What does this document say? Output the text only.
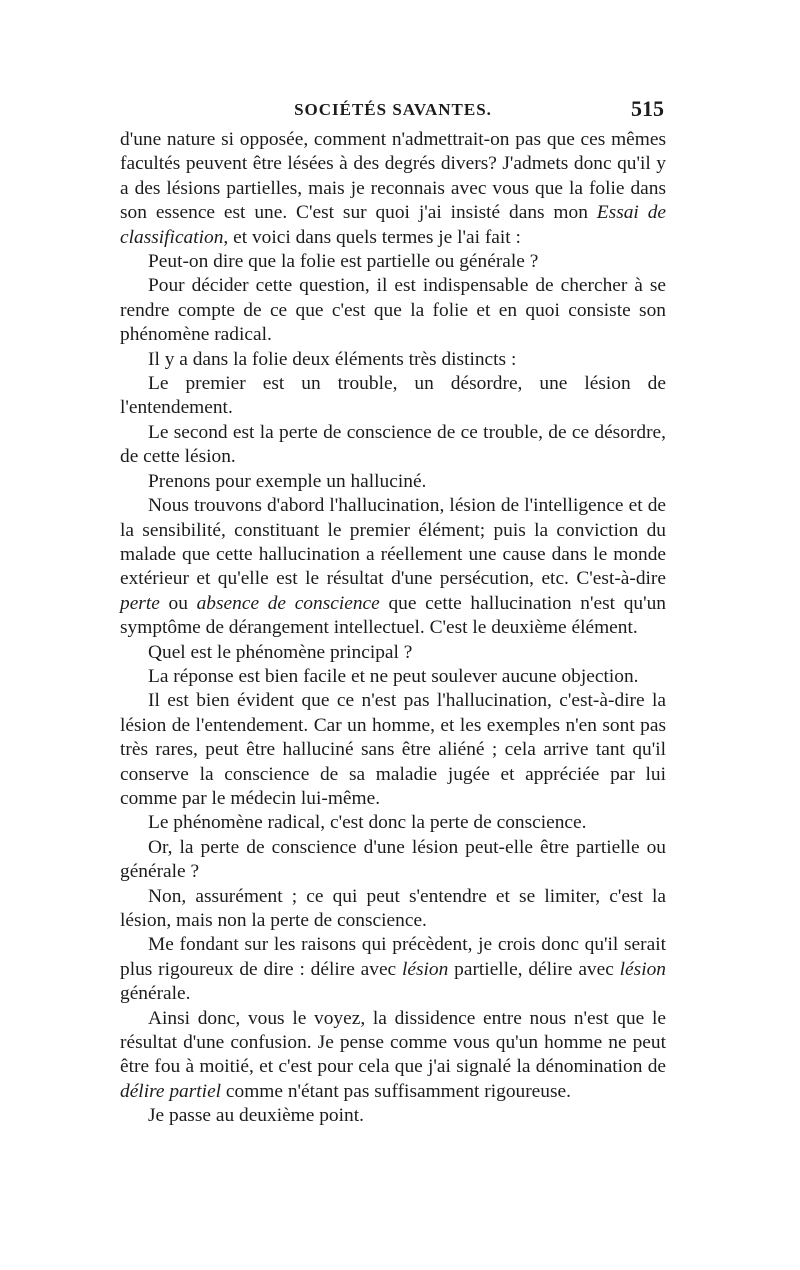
SOCIÉTÉS SAVANTES.	515

d'une nature si opposée, comment n'admettrait-on pas que ces mêmes facultés peuvent être lésées à des degrés divers? J'admets donc qu'il y a des lésions partielles, mais je reconnais avec vous que la folie dans son essence est une. C'est sur quoi j'ai insisté dans mon Essai de classification, et voici dans quels termes je l'ai fait :

Peut-on dire que la folie est partielle ou générale ?

Pour décider cette question, il est indispensable de chercher à se rendre compte de ce que c'est que la folie et en quoi consiste son phénomène radical.

Il y a dans la folie deux éléments très distincts :

Le premier est un trouble, un désordre, une lésion de l'entendement.

Le second est la perte de conscience de ce trouble, de ce désordre, de cette lésion.

Prenons pour exemple un halluciné.

Nous trouvons d'abord l'hallucination, lésion de l'intelligence et de la sensibilité, constituant le premier élément; puis la conviction du malade que cette hallucination a réellement une cause dans le monde extérieur et qu'elle est le résultat d'une persécution, etc. C'est-à-dire perte ou absence de conscience que cette hallucination n'est qu'un symptôme de dérangement intellectuel. C'est le deuxième élément.

Quel est le phénomène principal ?

La réponse est bien facile et ne peut soulever aucune objection.

Il est bien évident que ce n'est pas l'hallucination, c'est-à-dire la lésion de l'entendement. Car un homme, et les exemples n'en sont pas très rares, peut être halluciné sans être aliéné ; cela arrive tant qu'il conserve la conscience de sa maladie jugée et appréciée par lui comme par le médecin lui-même.

Le phénomène radical, c'est donc la perte de conscience.

Or, la perte de conscience d'une lésion peut-elle être partielle ou générale ?

Non, assurément ; ce qui peut s'entendre et se limiter, c'est la lésion, mais non la perte de conscience.

Me fondant sur les raisons qui précèdent, je crois donc qu'il serait plus rigoureux de dire : délire avec lésion partielle, délire avec lésion générale.

Ainsi donc, vous le voyez, la dissidence entre nous n'est que le résultat d'une confusion. Je pense comme vous qu'un homme ne peut être fou à moitié, et c'est pour cela que j'ai signalé la dénomination de délire partiel comme n'étant pas suffisamment rigoureuse.

Je passe au deuxième point.
